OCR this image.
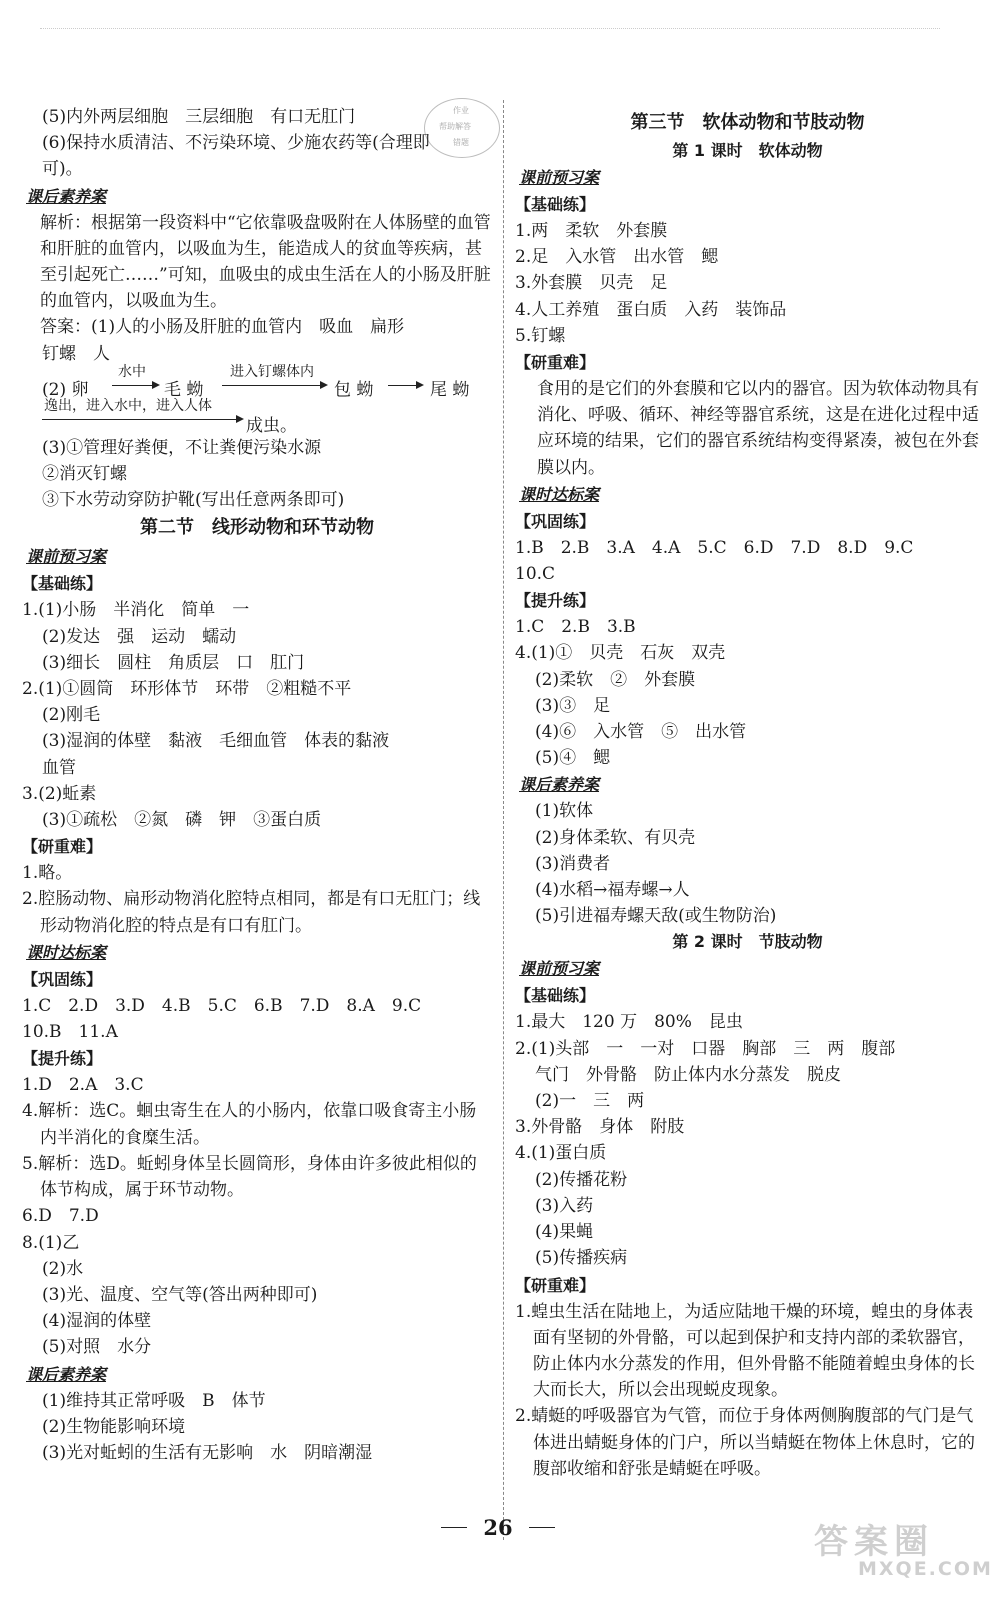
作业
帮助解答
错题
(5)内外两层细胞　三层细胞　有口无肛门
(6)保持水质清洁、不污染环境、少施农药等(合理即
可)。
课后素养案
解析：根据第一段资料中“它依靠吸盘吸附在人体肠壁的血管和肝脏的血管内，以吸血为生，能造成人的贫血等疾病，甚至引起死亡……”可知，血吸虫的成虫生活在人的小肠及肝脏的血管内，以吸血为生。
答案：(1)人的小肠及肝脏的血管内　吸血　扁形
钉螺　人
(2) 卵
水中
毛 蚴
进入钉螺体内
包 蚴	尾 蚴
逸出，进入水中，进入人体
成虫。
(3)①管理好粪便，不让粪便污染水源
②消灭钉螺
③下水劳动穿防护靴(写出任意两条即可)
第二节　线形动物和环节动物
课前预习案
【基础练】
1.(1)小肠　半消化　简单　一
(2)发达　强　运动　蠕动
(3)细长　圆柱　角质层　口　肛门
2.(1)①圆筒　环形体节　环带　②粗糙不平
(2)刚毛
(3)湿润的体壁　黏液　毛细血管　体表的黏液
血管
3.(2)蚯素
(3)①疏松　②氮　磷　钾　③蛋白质
【研重难】
1.略。
2.腔肠动物、扁形动物消化腔特点相同，都是有口无肛门；线形动物消化腔的特点是有口有肛门。
课时达标案
【巩固练】
1.C　2.D　3.D　4.B　5.C　6.B　7.D　8.A　9.C
10.B　11.A
【提升练】
1.D　2.A　3.C
4.解析：选C。蛔虫寄生在人的小肠内，依靠口吸食寄主小肠内半消化的食糜生活。
5.解析：选D。蚯蚓身体呈长圆筒形，身体由许多彼此相似的体节构成，属于环节动物。
6.D　7.D
8.(1)乙
(2)水
(3)光、温度、空气等(答出两种即可)
(4)湿润的体壁
(5)对照　水分
课后素养案
(1)维持其正常呼吸　B　体节
(2)生物能影响环境
(3)光对蚯蚓的生活有无影响　水　阴暗潮湿
第三节　软体动物和节肢动物
第 1 课时　软体动物
课前预习案
【基础练】
1.两　柔软　外套膜
2.足　入水管　出水管　鳃
3.外套膜　贝壳　足
4.人工养殖　蛋白质　入药　装饰品
5.钉螺
【研重难】
食用的是它们的外套膜和它以内的器官。因为软体动物具有消化、呼吸、循环、神经等器官系统，这是在进化过程中适应环境的结果，它们的器官系统结构变得紧凑，被包在外套膜以内。
课时达标案
【巩固练】
1.B　2.B　3.A　4.A　5.C　6.D　7.D　8.D　9.C
10.C
【提升练】
1.C　2.B　3.B
4.(1)①　贝壳　石灰　双壳
(2)柔软　②　外套膜
(3)③　足
(4)⑥　入水管　⑤　出水管
(5)④　鳃
课后素养案
(1)软体
(2)身体柔软、有贝壳
(3)消费者
(4)水稻→福寿螺→人
(5)引进福寿螺天敌(或生物防治)
第 2 课时　节肢动物
课前预习案
【基础练】
1.最大　120 万　80%　昆虫
2.(1)头部　一　一对　口器　胸部　三　两　腹部
气门　外骨骼　防止体内水分蒸发　脱皮
(2)一　三　两
3.外骨骼　身体　附肢
4.(1)蛋白质
(2)传播花粉
(3)入药
(4)果蝇
(5)传播疾病
【研重难】
1.蝗虫生活在陆地上，为适应陆地干燥的环境，蝗虫的身体表面有坚韧的外骨骼，可以起到保护和支持内部的柔软器官，防止体内水分蒸发的作用，但外骨骼不能随着蝗虫身体的长大而长大，所以会出现蜕皮现象。
2.蜻蜓的呼吸器官为气管，而位于身体两侧胸腹部的气门是气体进出蜻蜓身体的门户，所以当蜻蜓在物体上休息时，它的腹部收缩和舒张是蜻蜓在呼吸。
26	答案圈
MXQE.COM
